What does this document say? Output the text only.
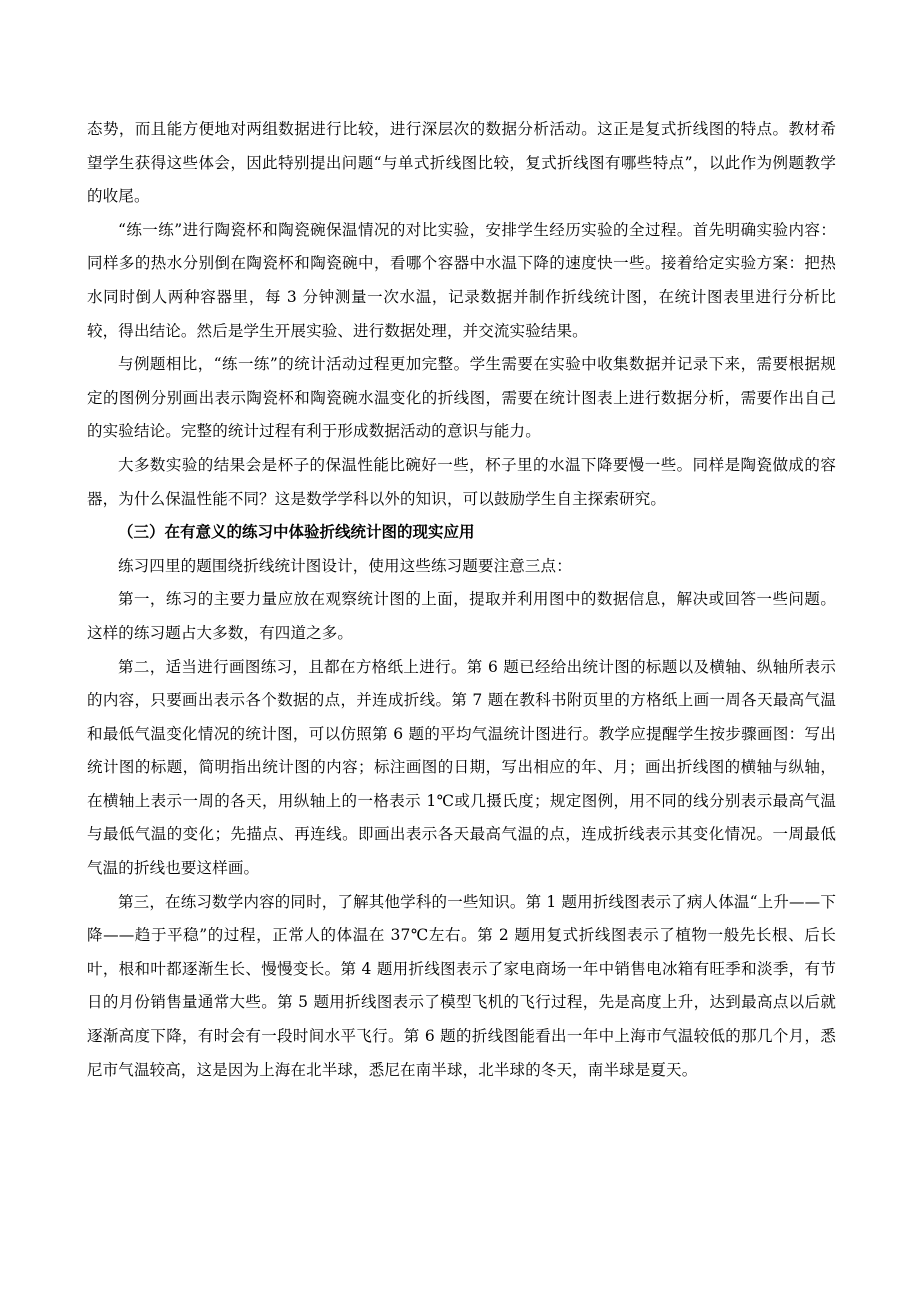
态势，而且能方便地对两组数据进行比较，进行深层次的数据分析活动。这正是复式折线图的特点。教材希望学生获得这些体会，因此特别提出问题“与单式折线图比较，复式折线图有哪些特点”，以此作为例题教学的收尾。

“练一练”进行陶瓷杯和陶瓷碗保温情况的对比实验，安排学生经历实验的全过程。首先明确实验内容：同样多的热水分别倒在陶瓷杯和陶瓷碗中，看哪个容器中水温下降的速度快一些。接着给定实验方案：把热水同时倒人两种容器里，每 3 分钟测量一次水温，记录数据并制作折线统计图，在统计图表里进行分析比较，得出结论。然后是学生开展实验、进行数据处理，并交流实验结果。

与例题相比，“练一练”的统计活动过程更加完整。学生需要在实验中收集数据并记录下来，需要根据规定的图例分别画出表示陶瓷杯和陶瓷碗水温变化的折线图，需要在统计图表上进行数据分析，需要作出自己的实验结论。完整的统计过程有利于形成数据活动的意识与能力。

大多数实验的结果会是杯子的保温性能比碗好一些，杯子里的水温下降要慢一些。同样是陶瓷做成的容器，为什么保温性能不同？这是数学学科以外的知识，可以鼓励学生自主探索研究。

（三）在有意义的练习中体验折线统计图的现实应用

练习四里的题围绕折线统计图设计，使用这些练习题要注意三点：

第一，练习的主要力量应放在观察统计图的上面，提取并利用图中的数据信息，解决或回答一些问题。这样的练习题占大多数，有四道之多。

第二，适当进行画图练习，且都在方格纸上进行。第 6 题已经给出统计图的标题以及横轴、纵轴所表示的内容，只要画出表示各个数据的点，并连成折线。第 7 题在教科书附页里的方格纸上画一周各天最高气温和最低气温变化情况的统计图，可以仿照第 6 题的平均气温统计图进行。教学应提醒学生按步骤画图：写出统计图的标题，简明指出统计图的内容；标注画图的日期，写出相应的年、月；画出折线图的横轴与纵轴，在横轴上表示一周的各天，用纵轴上的一格表示 1℃或几摄氏度；规定图例，用不同的线分别表示最高气温与最低气温的变化；先描点、再连线。即画出表示各天最高气温的点，连成折线表示其变化情况。一周最低气温的折线也要这样画。

第三，在练习数学内容的同时，了解其他学科的一些知识。第 1 题用折线图表示了病人体温“上升——下降——趋于平稳”的过程，正常人的体温在 37℃左右。第 2 题用复式折线图表示了植物一般先长根、后长叶，根和叶都逐渐生长、慢慢变长。第 4 题用折线图表示了家电商场一年中销售电冰箱有旺季和淡季，有节日的月份销售量通常大些。第 5 题用折线图表示了模型飞机的飞行过程，先是高度上升，达到最高点以后就逐渐高度下降，有时会有一段时间水平飞行。第 6 题的折线图能看出一年中上海市气温较低的那几个月，悉尼市气温较高，这是因为上海在北半球，悉尼在南半球，北半球的冬天，南半球是夏天。
